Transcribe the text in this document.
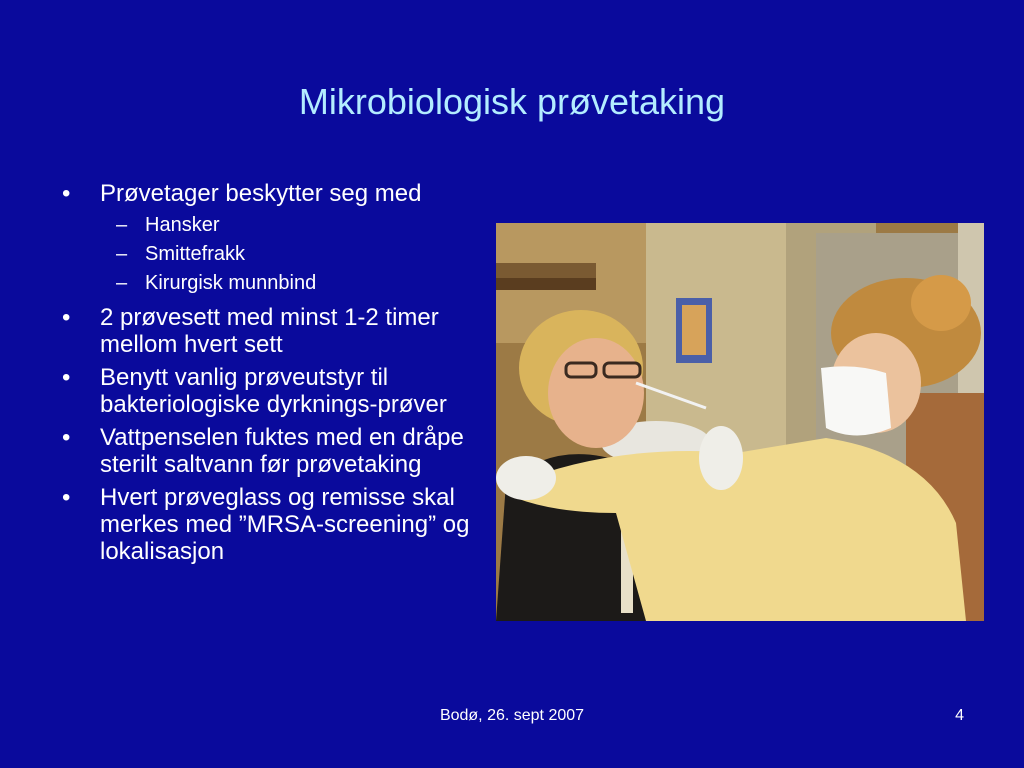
Mikrobiologisk prøvetaking
• Prøvetager beskytter seg med
– Hansker
– Smittefrakk
– Kirurgisk munnbind
• 2 prøvesett med minst 1-2 timer mellom hvert sett
• Benytt vanlig prøveutstyr til bakteriologiske dyrknings-prøver
• Vattpenselen fuktes med en dråpe sterilt saltvann før prøvetaking
• Hvert prøveglass og remisse skal merkes med ”MRSA-screening” og lokalisasjon
Bodø, 26. sept 2007	4
